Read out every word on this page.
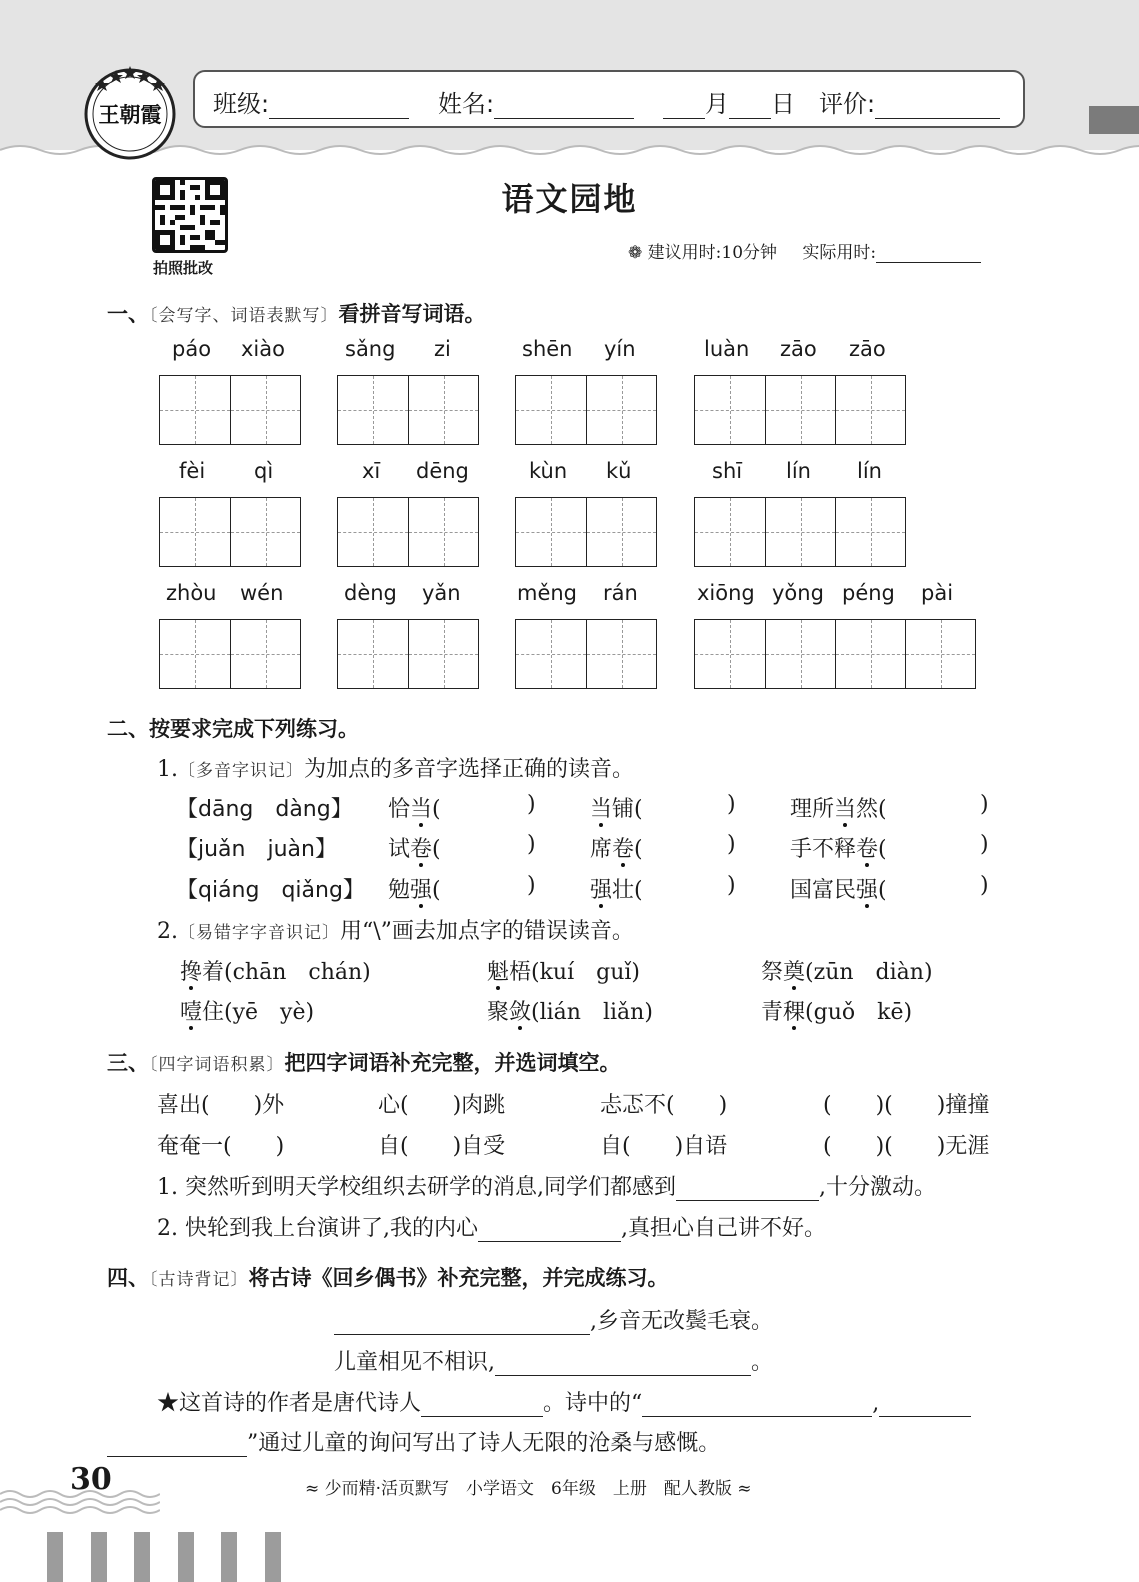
王朝霞 班级:	姓名:	月 日 评价:
拍照批改
语文园地
❁ 建议用时:10分钟 实际用时:
一、〔会写字、词语表默写〕看拼音写词语。
páo xiào	sǎng zi	shēn yín	luàn zāo zāo
fèi qì	xī dēng	kùn kǔ	shī lín lín
zhòu wén	dèng yǎn	měng rán	xiōng yǒng péng pài
二、按要求完成下列练习。
1.〔多音字识记〕为加点的多音字选择正确的读音。
【dāng　dàng】 恰当(	) 当铺(	) 理所当然(	)
【juǎn　juàn】 试卷(	) 席卷(	) 手不释卷(	)
【qiáng　qiǎng】 勉强(	) 强壮(	) 国富民强(	)
2.〔易错字字音识记〕用“\”画去加点字的错误读音。
搀着(chān　chán)	魁梧(kuí　guǐ)	祭奠(zūn　diàn)
噎住(yē　yè)	聚敛(lián　liǎn)	青稞(guǒ　kē)
三、〔四字词语积累〕把四字词语补充完整，并选词填空。
喜出(　　)外	心(　　)肉跳	忐忑不(　　)	(　　)(　　)撞撞
奄奄一(　　)	自(　　)自受	自(　　)自语	(　　)(　　)无涯
1. 突然听到明天学校组织去研学的消息,同学们都感到	,十分激动。
2. 快轮到我上台演讲了,我的内心	,真担心自己讲不好。
四、〔古诗背记〕将古诗《回乡偶书》补充完整，并完成练习。
,乡音无改鬓毛衰。
儿童相见不相识,	。
★这首诗的作者是唐代诗人	。诗中的“	,
”通过儿童的询问写出了诗人无限的沧桑与感慨。
30	≈ 少而精·活页默写　小学语文　6年级　上册　配人教版 ≈
